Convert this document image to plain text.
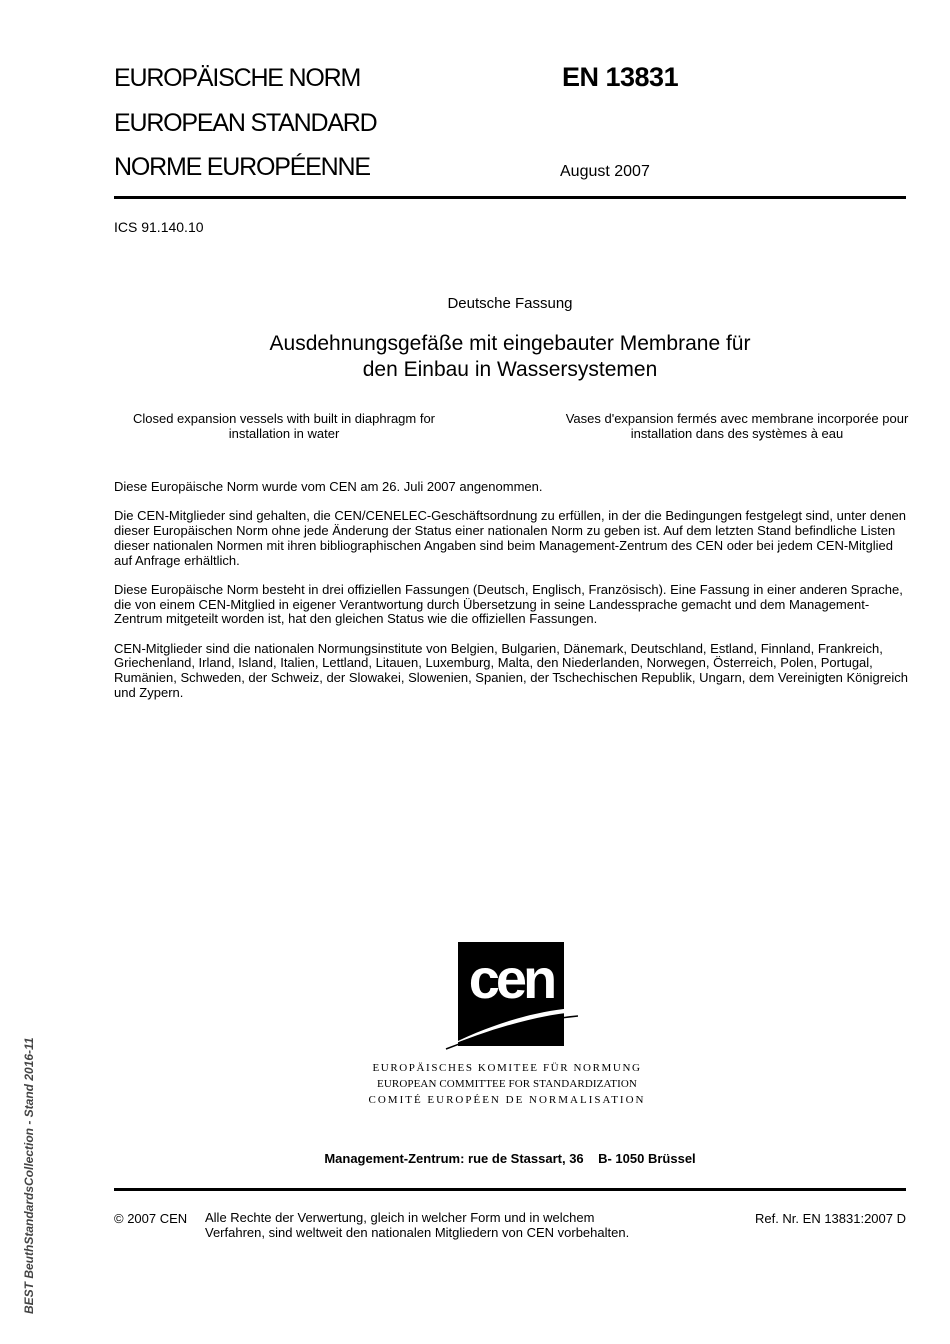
EUROPÄISCHE NORM
EUROPEAN STANDARD
NORME EUROPÉENNE
EN 13831
August 2007
ICS 91.140.10
Deutsche Fassung
Ausdehnungsgefäße mit eingebauter Membrane für
den Einbau in Wassersystemen
Closed expansion vessels with built in diaphragm for
installation in water
Vases d'expansion fermés avec membrane incorporée pour
installation dans des systèmes à eau

Diese Europäische Norm wurde vom CEN am 26. Juli 2007 angenommen.

Die CEN-Mitglieder sind gehalten, die CEN/CENELEC-Geschäftsordnung zu erfüllen, in der die Bedingungen festgelegt sind, unter denen dieser Europäischen Norm ohne jede Änderung der Status einer nationalen Norm zu geben ist. Auf dem letzten Stand befindliche Listen dieser nationalen Normen mit ihren bibliographischen Angaben sind beim Management-Zentrum des CEN oder bei jedem CEN-Mitglied auf Anfrage erhältlich.

Diese Europäische Norm besteht in drei offiziellen Fassungen (Deutsch, Englisch, Französisch). Eine Fassung in einer anderen Sprache, die von einem CEN-Mitglied in eigener Verantwortung durch Übersetzung in seine Landessprache gemacht und dem Management-Zentrum mitgeteilt worden ist, hat den gleichen Status wie die offiziellen Fassungen.

CEN-Mitglieder sind die nationalen Normungsinstitute von Belgien, Bulgarien, Dänemark, Deutschland, Estland, Finnland, Frankreich, Griechenland, Irland, Island, Italien, Lettland, Litauen, Luxemburg, Malta, den Niederlanden, Norwegen, Österreich, Polen, Portugal, Rumänien, Schweden, der Schweiz, der Slowakei, Slowenien, Spanien, der Tschechischen Republik, Ungarn, dem Vereinigten Königreich und Zypern.

cen
EUROPÄISCHES KOMITEE FÜR NORMUNG
EUROPEAN COMMITTEE FOR STANDARDIZATION
COMITÉ EUROPÉEN DE NORMALISATION
Management-Zentrum: rue de Stassart, 36    B- 1050 Brüssel
© 2007 CEN Alle Rechte der Verwertung, gleich in welcher Form und in welchem
Verfahren, sind weltweit den nationalen Mitgliedern von CEN vorbehalten.
Ref. Nr. EN 13831:2007 D
BEST BeuthStandardsCollection - Stand 2016-11
